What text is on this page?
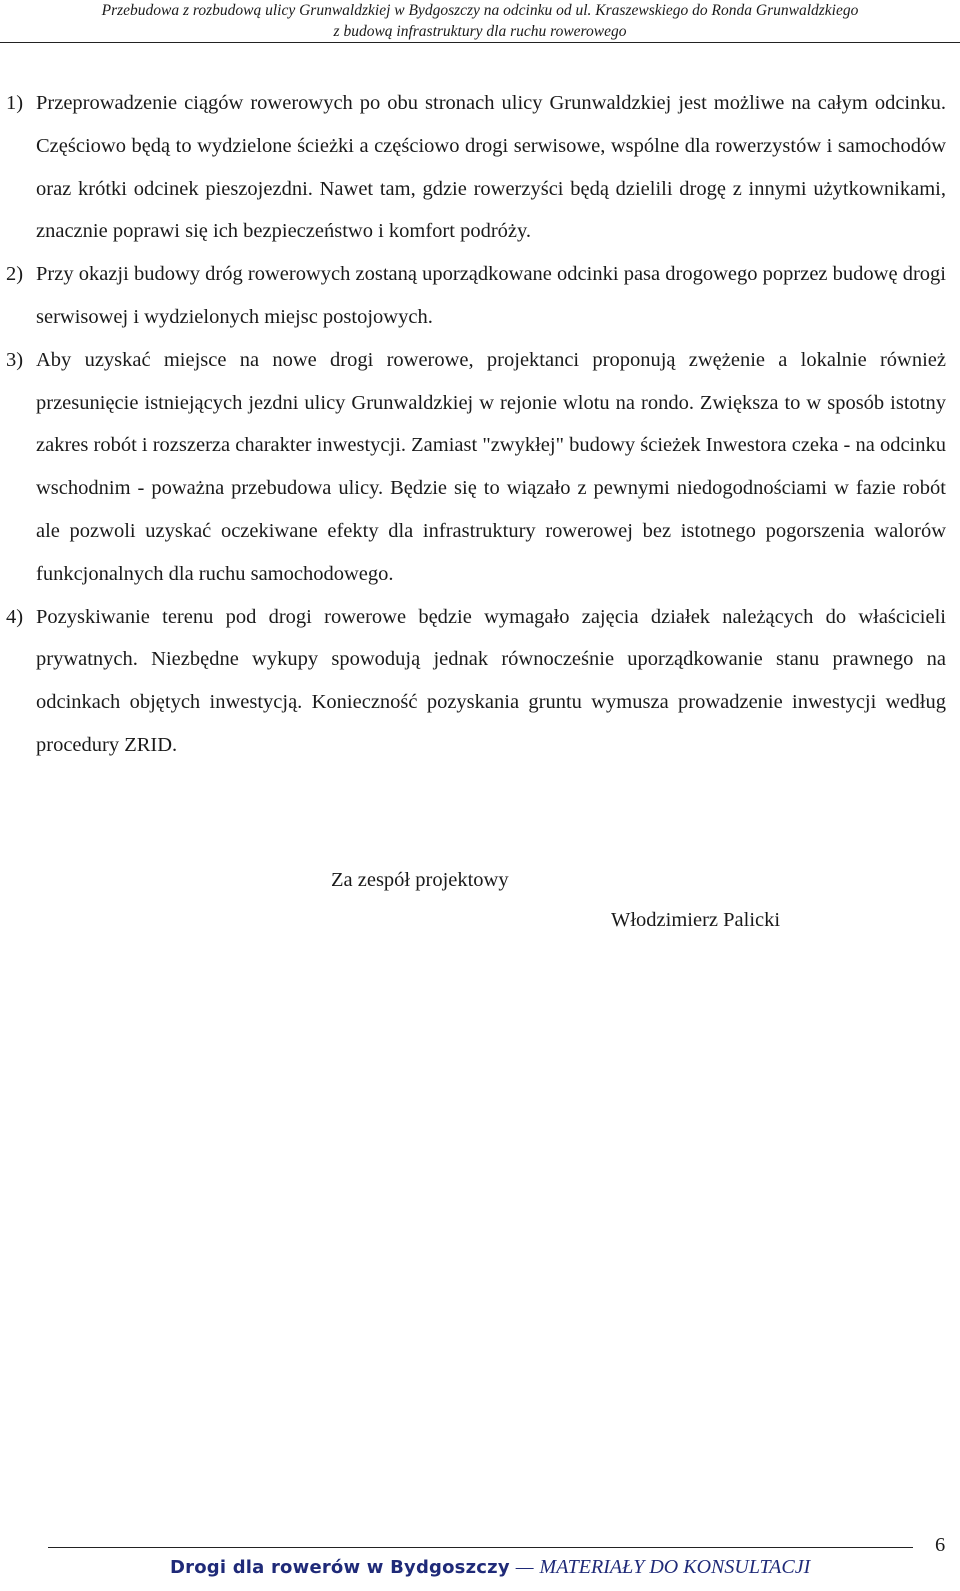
Przebudowa z rozbudową ulicy Grunwaldzkiej w Bydgoszczy na odcinku od ul. Kraszewskiego do Ronda Grunwaldzkiego
z budową infrastruktury dla ruchu rowerowego
1) Przeprowadzenie ciągów rowerowych po obu stronach ulicy Grunwaldzkiej jest możliwe na całym odcinku. Częściowo będą to wydzielone ścieżki a częściowo drogi serwisowe, wspólne dla rowerzystów i samochodów oraz krótki odcinek pieszojezdni. Nawet tam, gdzie rowerzyści będą dzielili drogę z innymi użytkownikami, znacznie poprawi się ich bezpieczeństwo i komfort podróży.
2) Przy okazji budowy dróg rowerowych zostaną uporządkowane odcinki pasa drogowego poprzez budowę drogi serwisowej i wydzielonych miejsc postojowych.
3) Aby uzyskać miejsce na nowe drogi rowerowe, projektanci proponują zwężenie a lokalnie również przesunięcie istniejących jezdni ulicy Grunwaldzkiej w rejonie wlotu na rondo. Zwiększa to w sposób istotny zakres robót i rozszerza charakter inwestycji. Zamiast "zwykłej" budowy ścieżek Inwestora czeka - na odcinku wschodnim - poważna przebudowa ulicy. Będzie się to wiązało z pewnymi niedogodnościami w fazie robót ale pozwoli uzyskać oczekiwane efekty dla infrastruktury rowerowej bez istotnego pogorszenia walorów funkcjonalnych dla ruchu samochodowego.
4) Pozyskiwanie terenu pod drogi rowerowe będzie wymagało zajęcia działek należących do właścicieli prywatnych. Niezbędne wykupy spowodują jednak równocześnie uporządkowanie stanu prawnego na odcinkach objętych inwestycją. Konieczność pozyskania gruntu wymusza prowadzenie inwestycji według procedury ZRID.
Za zespół projektowy
Włodzimierz Palicki
Drogi dla rowerów w Bydgoszczy — MATERIAŁY DO KONSULTACJI
6
